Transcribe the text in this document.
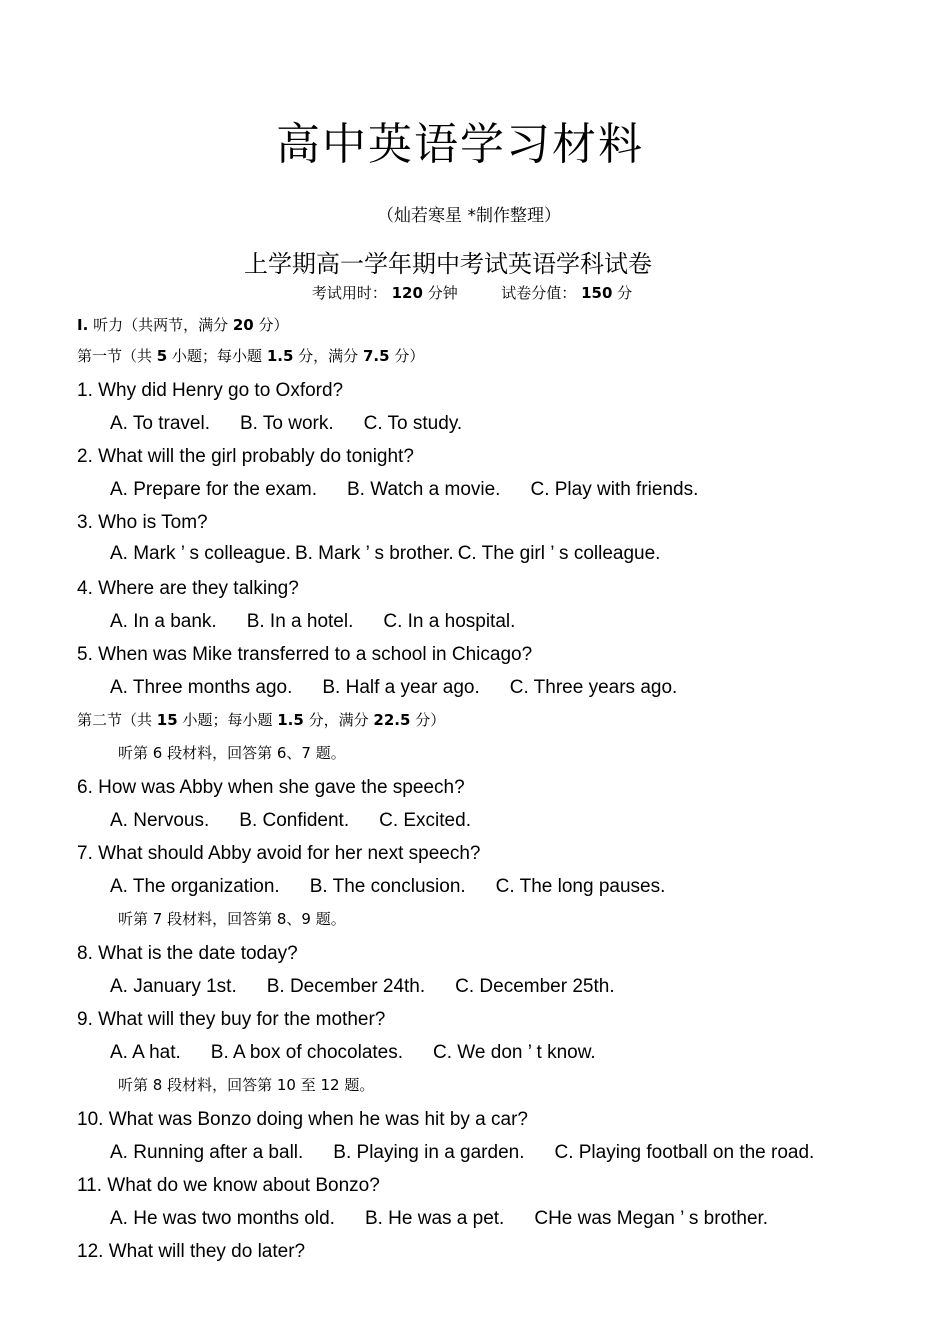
高中英语学习材料
（灿若寒星 *制作整理）
上学期高一学年期中考试英语学科试卷
考试用时： 120 分钟	试卷分值： 150 分
I. 听力（共两节，满分 20 分）
第一节（共 5 小题；每小题 1.5 分，满分 7.5 分）
1. Why did Henry go to Oxford?
A. To travel. B. To work. C. To study.
2. What will the girl probably do tonight?
A. Prepare for the exam. B. Watch a movie. C. Play with friends.
3. Who is Tom?
A. Mark ’ s colleague. B. Mark ’ s brother. C. The girl ’ s colleague.
4. Where are they talking?
A. In a bank. B. In a hotel. C. In a hospital.
5. When was Mike transferred to a school in Chicago?
A. Three months ago. B. Half a year ago. C. Three years ago.
第二节（共 15 小题；每小题 1.5 分，满分 22.5 分）
听第 6 段材料，回答第 6、7 题。
6. How was Abby when she gave the speech?
A. Nervous. B. Confident. C. Excited.
7. What should Abby avoid for her next speech?
A. The organization. B. The conclusion. C. The long pauses.
听第 7 段材料，回答第 8、9 题。
8. What is the date today?
A. January 1st. B. December 24th. C. December 25th.
9. What will they buy for the mother?
A. A hat. B. A box of chocolates. C. We don ’ t know.
听第 8 段材料，回答第 10 至 12 题。
10. What was Bonzo doing when he was hit by a car?
A. Running after a ball. B. Playing in a garden. C. Playing football on the road.
11. What do we know about Bonzo?
A. He was two months old. B. He was a pet. CHe was Megan ’ s brother.
12. What will they do later?
